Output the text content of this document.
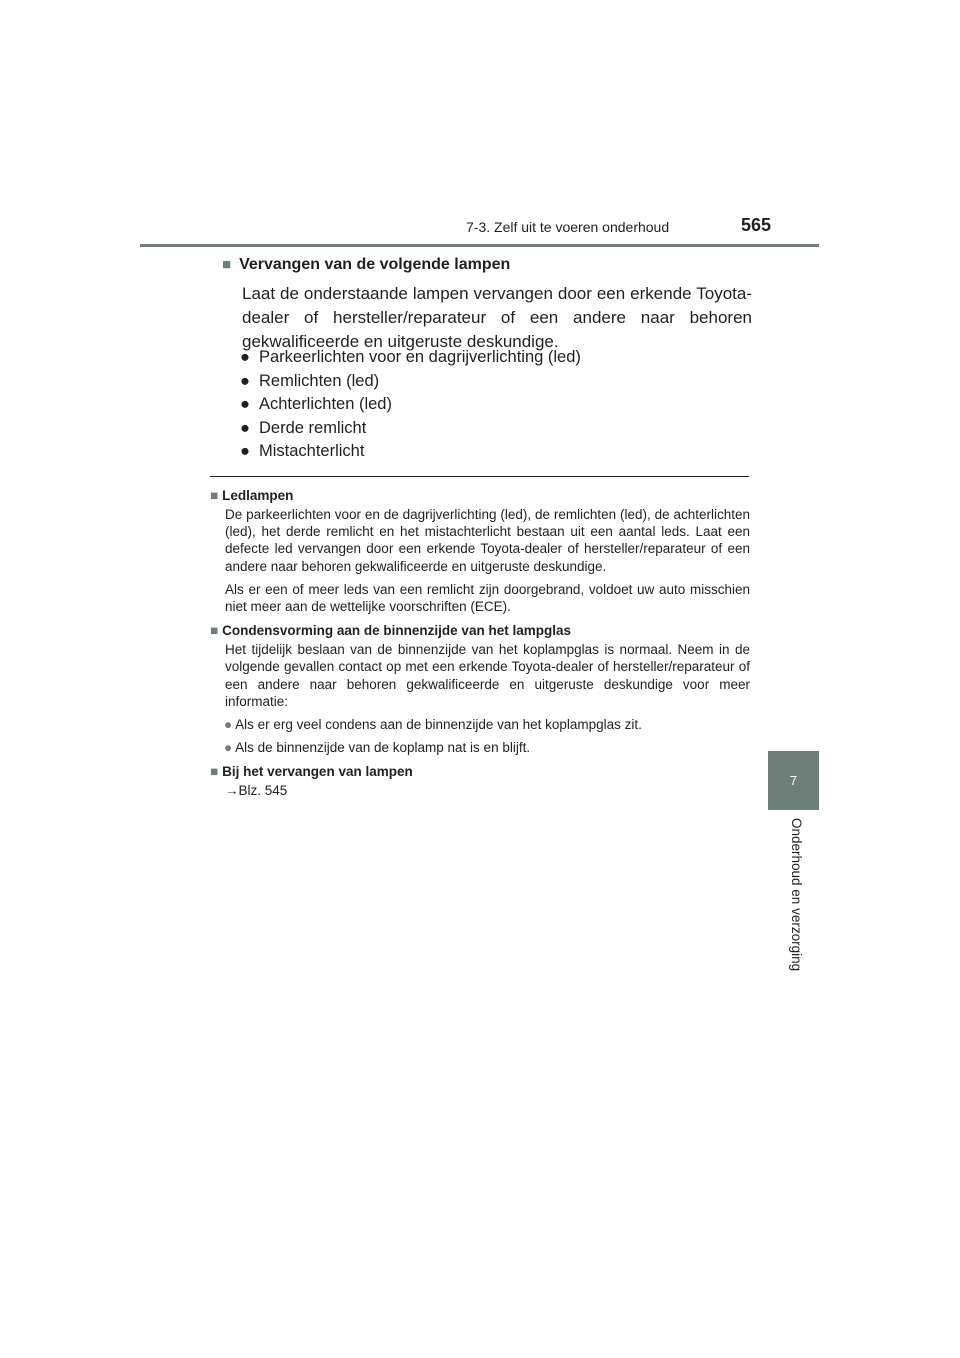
7-3. Zelf uit te voeren onderhoud	565
7
Onderhoud en verzorging
■ Vervangen van de volgende lampen

Laat de onderstaande lampen vervangen door een erkende Toyota-dealer of hersteller/reparateur of een andere naar behoren gekwalificeerde en uitgeruste deskundige.

● Parkeerlichten voor en dagrijverlichting (led)
● Remlichten (led)
● Achterlichten (led)
● Derde remlicht
● Mistachterlicht

■ Ledlampen

De parkeerlichten voor en de dagrijverlichting (led), de remlichten (led), de achterlichten (led), het derde remlicht en het mistachterlicht bestaan uit een aantal leds. Laat een defecte led vervangen door een erkende Toyota-dealer of hersteller/reparateur of een andere naar behoren gekwalificeerde en uitgeruste deskundige.

Als er een of meer leds van een remlicht zijn doorgebrand, voldoet uw auto misschien niet meer aan de wettelijke voorschriften (ECE).

■ Condensvorming aan de binnenzijde van het lampglas

Het tijdelijk beslaan van de binnenzijde van het koplampglas is normaal. Neem in de volgende gevallen contact op met een erkende Toyota-dealer of hersteller/reparateur of een andere naar behoren gekwalificeerde en uitgeruste deskundige voor meer informatie:

● Als er erg veel condens aan de binnenzijde van het koplampglas zit.

● Als de binnenzijde van de koplamp nat is en blijft.

■ Bij het vervangen van lampen

→Blz. 545
